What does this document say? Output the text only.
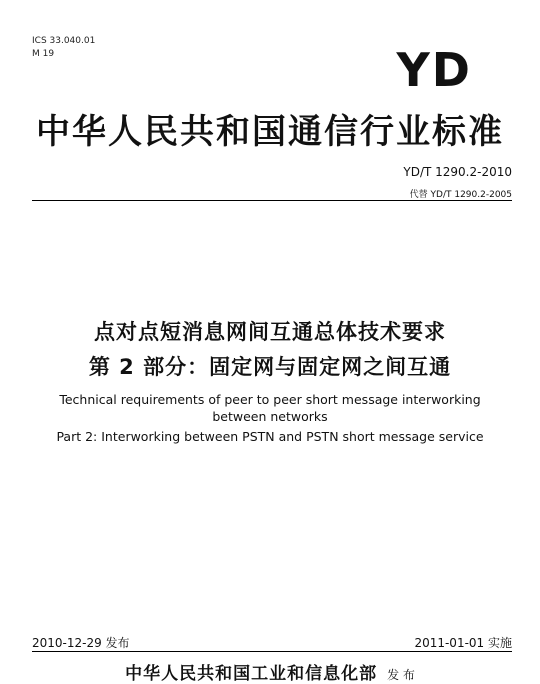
ICS 33.040.01
M 19	YD
中华人民共和国通信行业标准
YD/T 1290.2-2010
代替 YD/T 1290.2-2005
点对点短消息网间互通总体技术要求
第 2 部分：固定网与固定网之间互通
Technical requirements of peer to peer short message interworking
between networks
Part 2: Interworking between PSTN and PSTN short message service
2010-12-29 发布	2011-01-01 实施
中华人民共和国工业和信息化部 发 布
